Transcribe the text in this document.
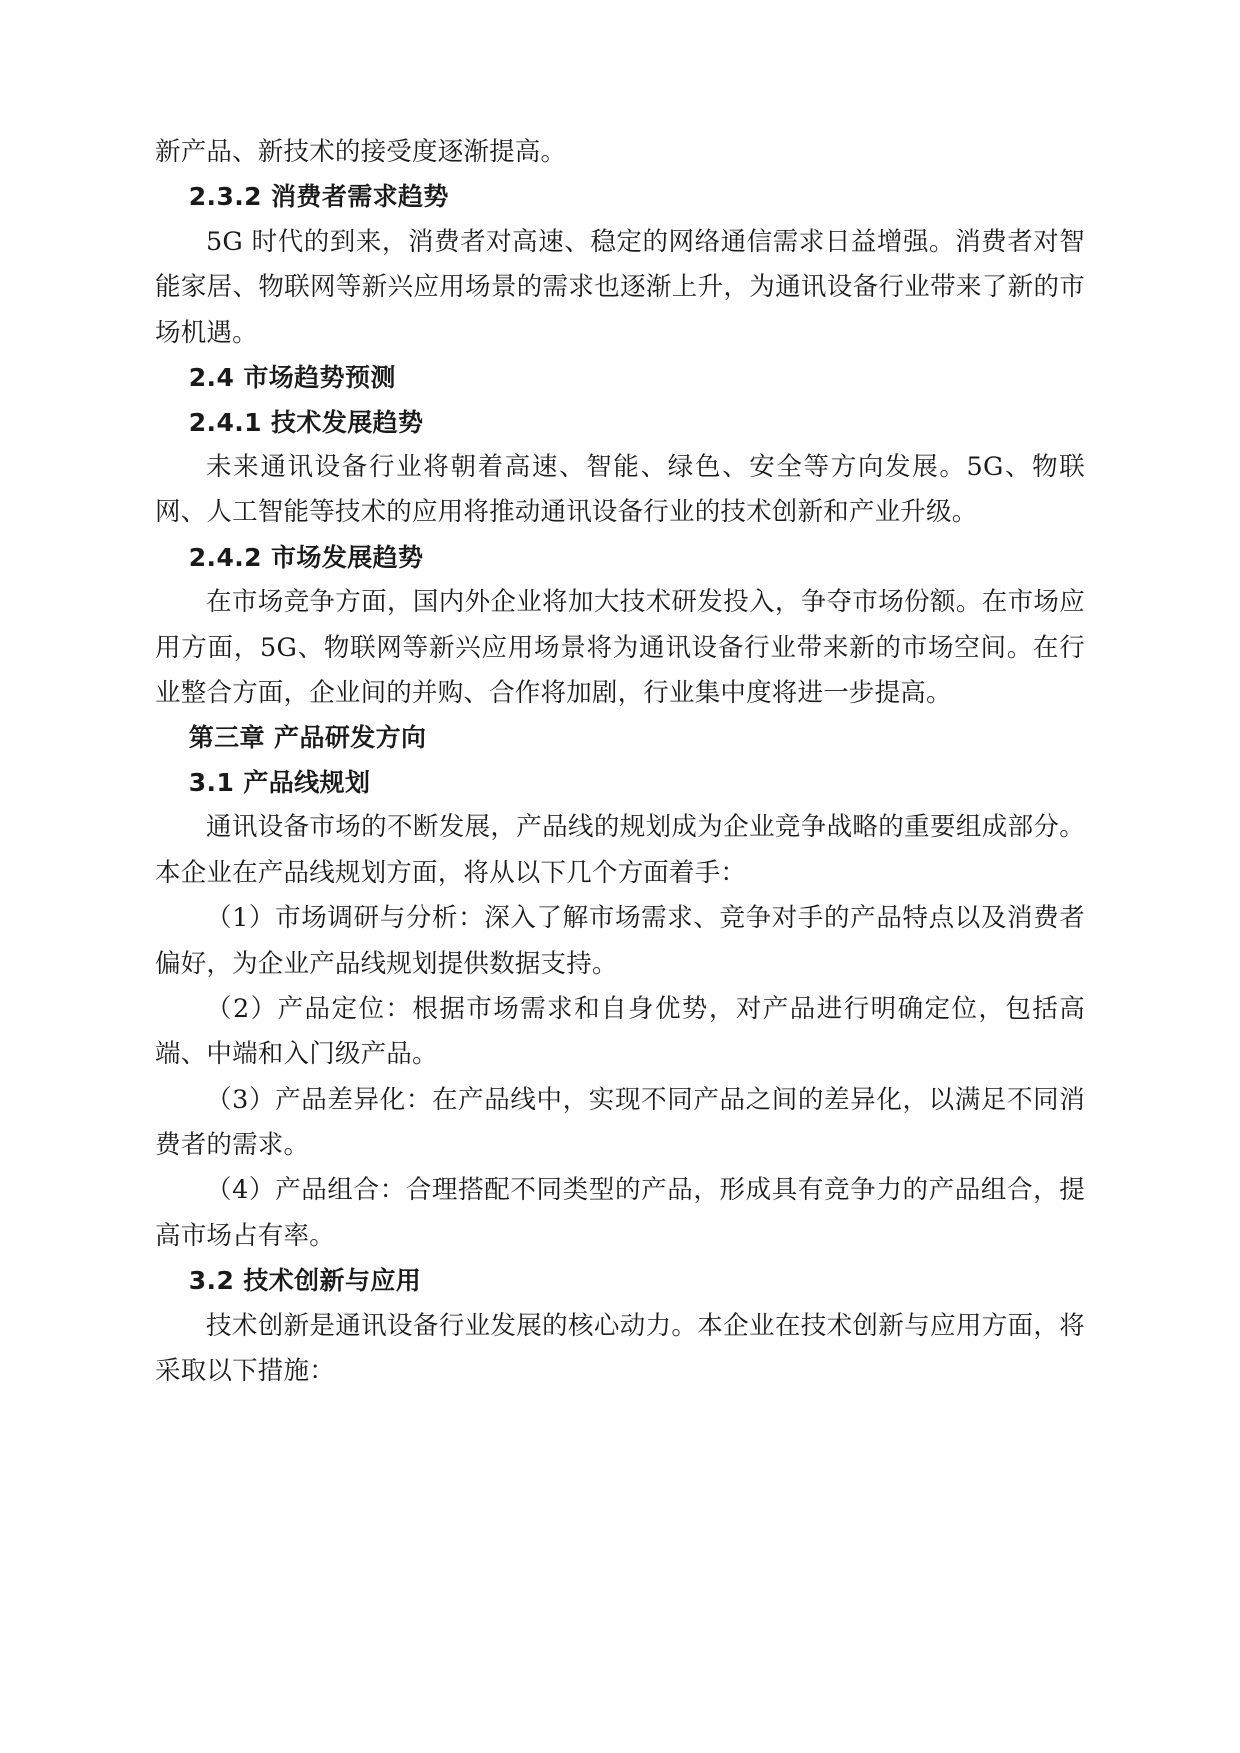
新产品、新技术的接受度逐渐提高。

2.3.2 消费者需求趋势

5G 时代的到来，消费者对高速、稳定的网络通信需求日益增强。消费者对智能家居、物联网等新兴应用场景的需求也逐渐上升，为通讯设备行业带来了新的市场机遇。

2.4 市场趋势预测
2.4.1 技术发展趋势

未来通讯设备行业将朝着高速、智能、绿色、安全等方向发展。5G、物联网、人工智能等技术的应用将推动通讯设备行业的技术创新和产业升级。

2.4.2 市场发展趋势

在市场竞争方面，国内外企业将加大技术研发投入，争夺市场份额。在市场应用方面，5G、物联网等新兴应用场景将为通讯设备行业带来新的市场空间。在行业整合方面，企业间的并购、合作将加剧，行业集中度将进一步提高。

第三章 产品研发方向
3.1 产品线规划

通讯设备市场的不断发展，产品线的规划成为企业竞争战略的重要组成部分。本企业在产品线规划方面，将从以下几个方面着手：

（1）市场调研与分析：深入了解市场需求、竞争对手的产品特点以及消费者偏好，为企业产品线规划提供数据支持。

（2）产品定位：根据市场需求和自身优势，对产品进行明确定位，包括高端、中端和入门级产品。

（3）产品差异化：在产品线中，实现不同产品之间的差异化，以满足不同消费者的需求。

（4）产品组合：合理搭配不同类型的产品，形成具有竞争力的产品组合，提高市场占有率。

3.2 技术创新与应用

技术创新是通讯设备行业发展的核心动力。本企业在技术创新与应用方面，将采取以下措施：
